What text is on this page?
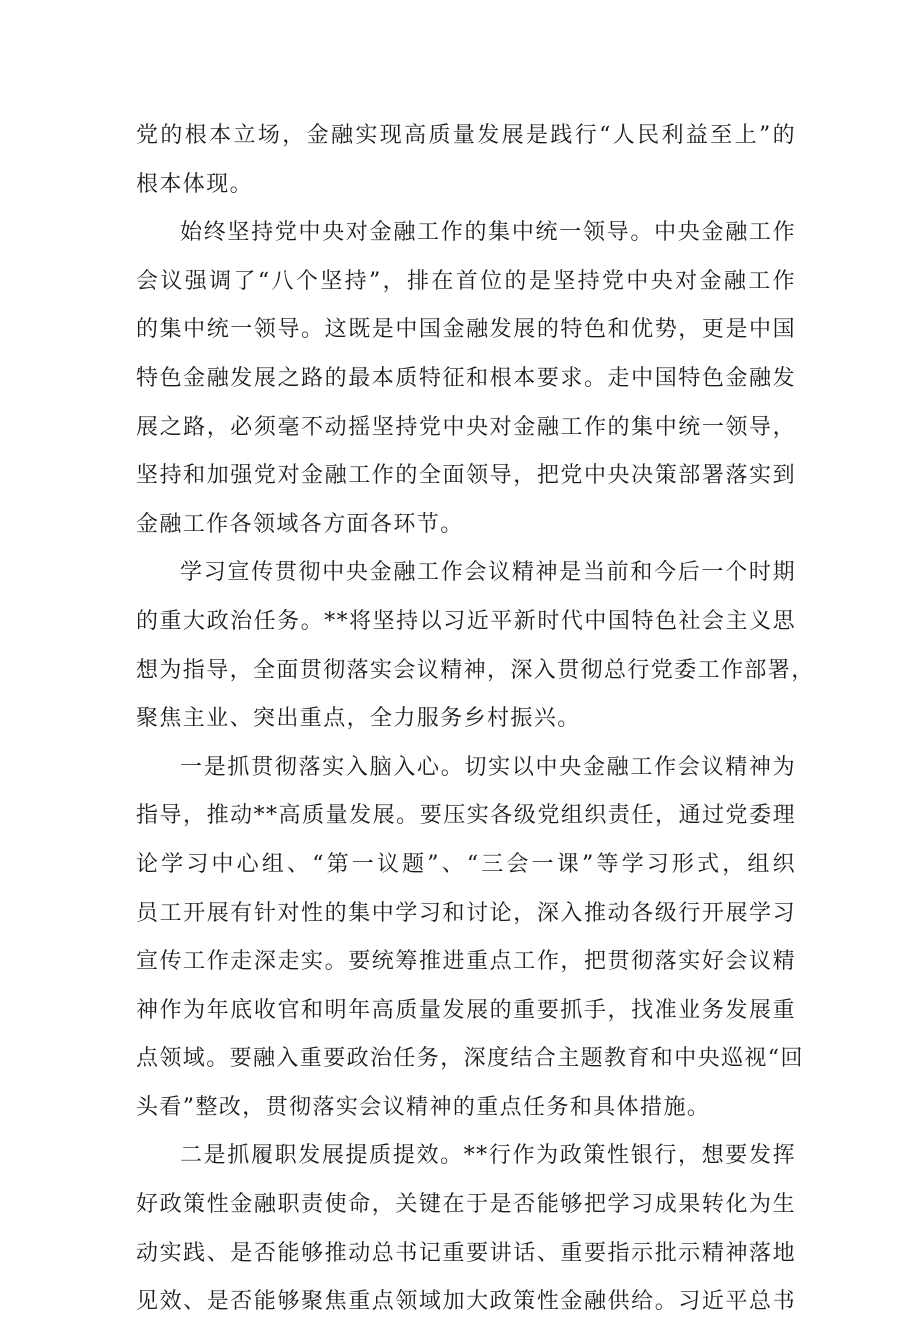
党的根本立场，金融实现高质量发展是践行“人民利益至上”的
根本体现。
始终坚持党中央对金融工作的集中统一领导。中央金融工作
会议强调了“八个坚持”，排在首位的是坚持党中央对金融工作
的集中统一领导。这既是中国金融发展的特色和优势，更是中国
特色金融发展之路的最本质特征和根本要求。走中国特色金融发
展之路，必须毫不动摇坚持党中央对金融工作的集中统一领导，
坚持和加强党对金融工作的全面领导，把党中央决策部署落实到
金融工作各领域各方面各环节。
学习宣传贯彻中央金融工作会议精神是当前和今后一个时期
的重大政治任务。**将坚持以习近平新时代中国特色社会主义思
想为指导，全面贯彻落实会议精神，深入贯彻总行党委工作部署，
聚焦主业、突出重点，全力服务乡村振兴。
一是抓贯彻落实入脑入心。切实以中央金融工作会议精神为
指导，推动**高质量发展。要压实各级党组织责任，通过党委理
论学习中心组、“第一议题”、“三会一课”等学习形式，组织
员工开展有针对性的集中学习和讨论，深入推动各级行开展学习
宣传工作走深走实。要统筹推进重点工作，把贯彻落实好会议精
神作为年底收官和明年高质量发展的重要抓手，找准业务发展重
点领域。要融入重要政治任务，深度结合主题教育和中央巡视“回
头看”整改，贯彻落实会议精神的重点任务和具体措施。
二是抓履职发展提质提效。**行作为政策性银行，想要发挥
好政策性金融职责使命，关键在于是否能够把学习成果转化为生
动实践、是否能够推动总书记重要讲话、重要指示批示精神落地
见效、是否能够聚焦重点领域加大政策性金融供给。习近平总书
